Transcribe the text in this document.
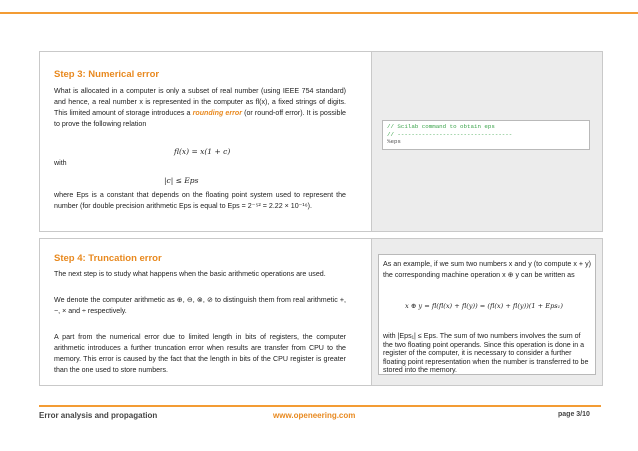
// Scilab command to obtain eps
// ---------------------------------
%eps

Step 3: Numerical error

What is allocated in a computer is only a subset of real number (using IEEE 754 standard) and hence, a real number x is represented in the computer as fl(x), a fixed strings of digits. This limited amount of storage introduces a rounding error (or round-off error). It is possible to prove the following relation

fl(x) = x(1 + c)

with

|c| ≤ Eps

where Eps is a constant that depends on the floating point system used to represent the number (for double precision arithmetic Eps is equal to Eps = 2⁻⁵² = 2.22 × 10⁻¹⁶).

As an example, if we sum two numbers x and y (to compute x + y) the corresponding machine operation x ⊕ y can be written as

x ⊕ y = fl(fl(x) + fl(y)) = (fl(x) + fl(y))(1 + Eps₁)

with |Eps₁| ≤ Eps. The sum of two numbers involves the sum of the two floating point operands. Since this operation is done in a register of the computer, it is necessary to consider a further floating point representation when the number is transferred to be stored into the memory.

Step 4: Truncation error

The next step is to study what happens when the basic arithmetic operations are used.

We denote the computer arithmetic as ⊕, ⊖, ⊗, ⊘ to distinguish them from real arithmetic +, −, × and ÷ respectively.

A part from the numerical error due to limited length in bits of registers, the computer arithmetic introduces a further truncation error when results are transfer from CPU to the memory. This error is caused by the fact that the length in bits of the CPU register is greater than the one used to store numbers.

Error analysis and propagation	www.openeering.com	page 3/10
